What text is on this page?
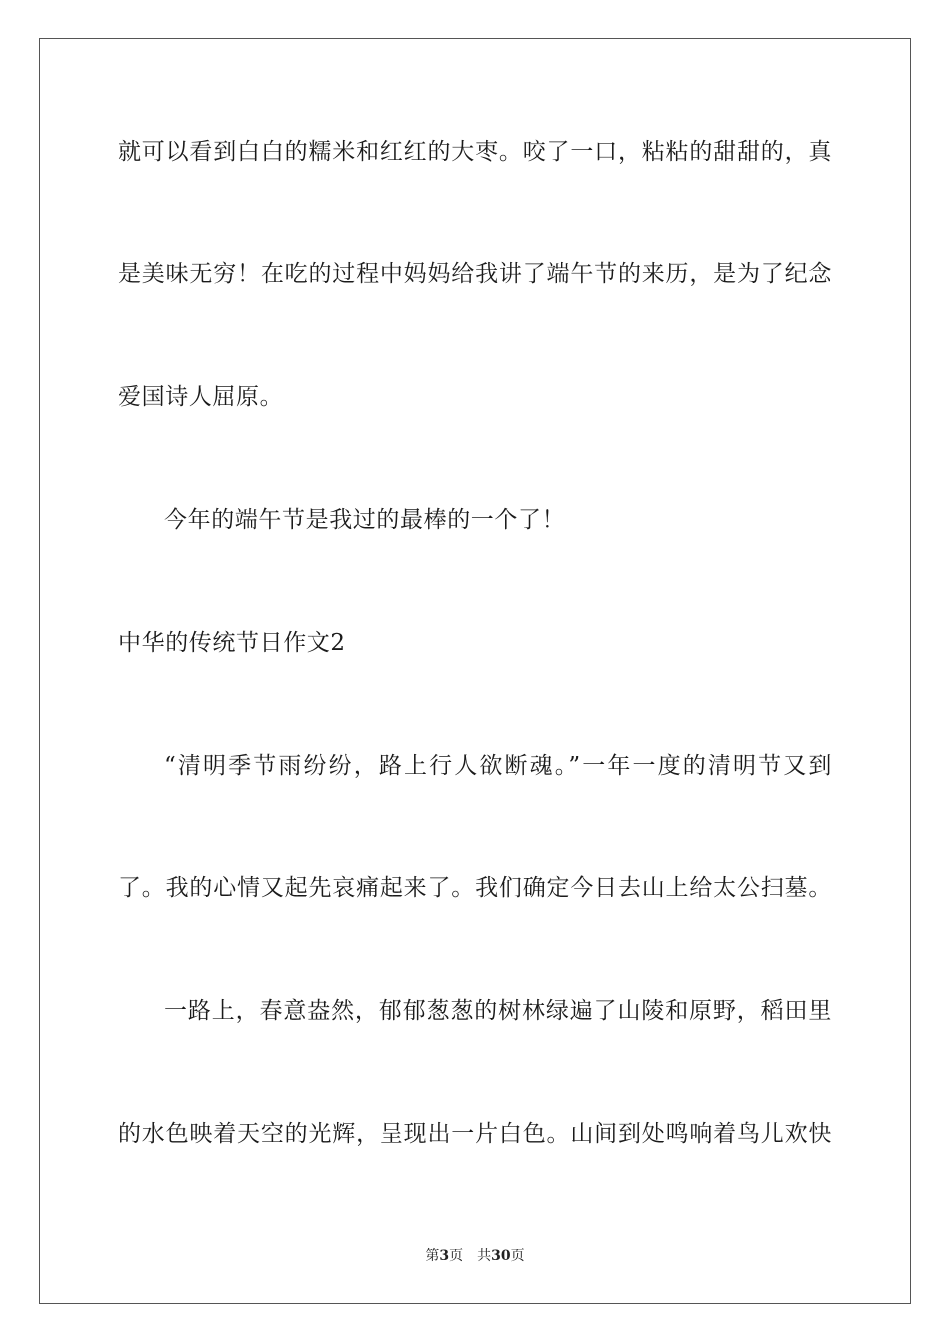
就可以看到白白的糯米和红红的大枣。咬了一口，粘粘的甜甜的，真
是美味无穷！在吃的过程中妈妈给我讲了端午节的来历，是为了纪念
爱国诗人屈原。
今年的端午节是我过的最棒的一个了！
中华的传统节日作文2
“清明季节雨纷纷，路上行人欲断魂。”一年一度的清明节又到
了。我的心情又起先哀痛起来了。我们确定今日去山上给太公扫墓。
一路上，春意盎然，郁郁葱葱的树林绿遍了山陵和原野，稻田里
的水色映着天空的光辉，呈现出一片白色。山间到处鸣响着鸟儿欢快
第3页 共30页
